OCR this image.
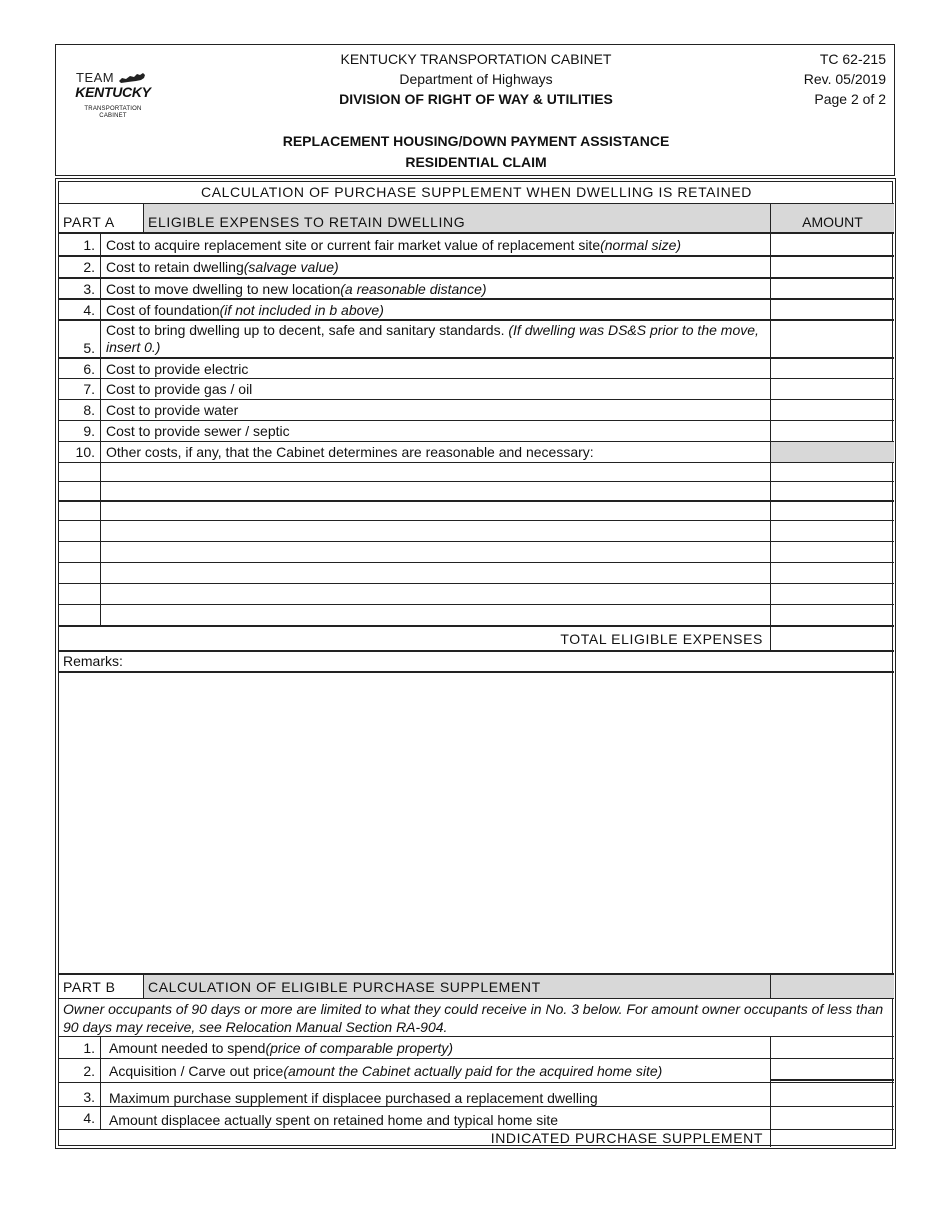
TEAM
KENTUCKY
TRANSPORTATION
CABINET
KENTUCKY TRANSPORTATION CABINET
Department of Highways
DIVISION OF RIGHT OF WAY & UTILITIES
TC 62-215
Rev. 05/2019
Page 2 of 2
REPLACEMENT HOUSING/DOWN PAYMENT ASSISTANCE
RESIDENTIAL CLAIM
CALCULATION OF PURCHASE SUPPLEMENT WHEN DWELLING IS RETAINED
PART A	ELIGIBLE EXPENSES TO RETAIN DWELLING	AMOUNT
1. Cost to acquire replacement site or current fair market value of replacement site (normal size)
2. Cost to retain dwelling (salvage value)
3. Cost to move dwelling to new location (a reasonable distance)
4. Cost of foundation (if not included in b above)
5.
Cost to bring dwelling up to decent, safe and sanitary standards. (If dwelling was DS&S prior to the move, insert 0.)
6. Cost to provide electric
7. Cost to provide gas / oil
8. Cost to provide water
9. Cost to provide sewer / septic
10. Other costs, if any, that the Cabinet determines are reasonable and necessary:
TOTAL ELIGIBLE EXPENSES
Remarks:
PART B	CALCULATION OF ELIGIBLE PURCHASE SUPPLEMENT
Owner occupants of 90 days or more are limited to what they could receive in No. 3 below. For amount owner occupants of less than 90 days may receive, see Relocation Manual Section RA-904.
1.	Amount needed to spend (price of comparable property)
2.	Acquisition / Carve out price (amount the Cabinet actually paid for the acquired home site)
3.	Maximum purchase supplement if displacee purchased a replacement dwelling
4.	Amount displacee actually spent on retained home and typical home site
INDICATED PURCHASE SUPPLEMENT
